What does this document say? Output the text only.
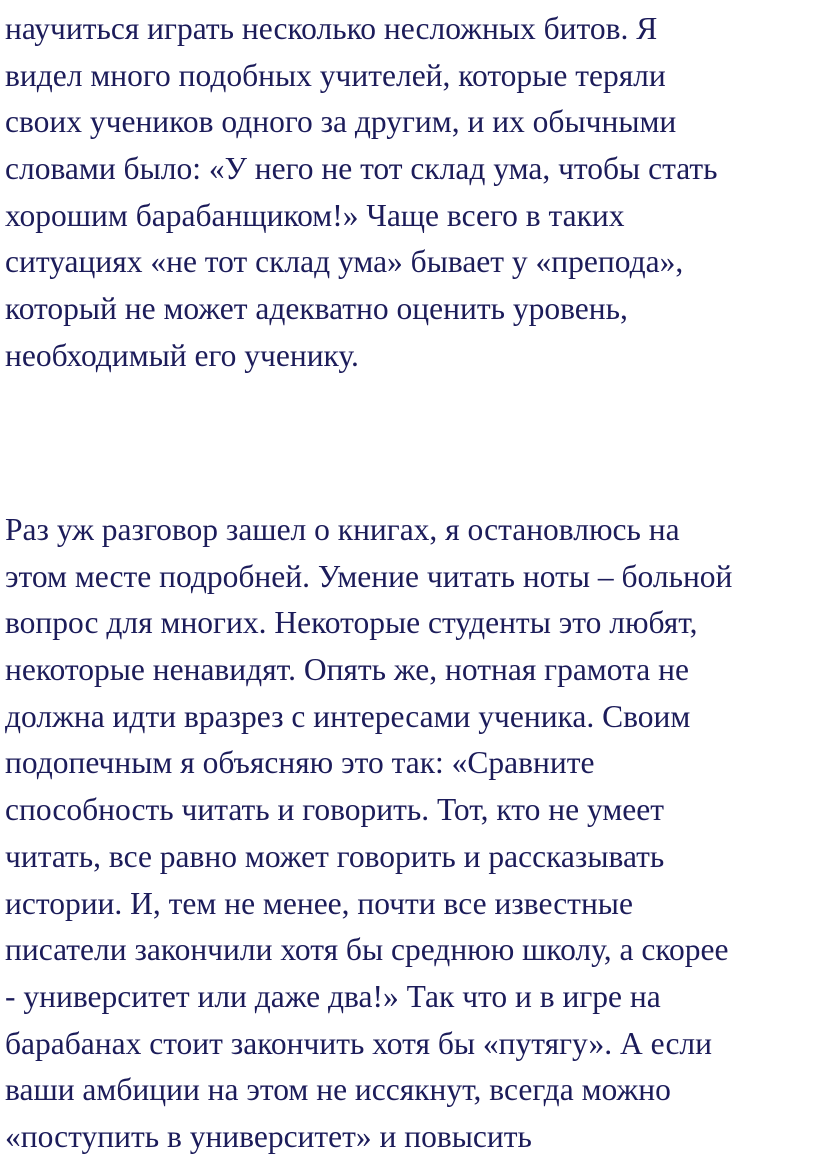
научиться играть несколько несложных битов. Я
видел много подобных учителей, которые теряли
своих учеников одного за другим, и их обычными
словами было: «У него не тот склад ума, чтобы стать
хорошим барабанщиком!» Чаще всего в таких
ситуациях «не тот склад ума» бывает у «препода»,
который не может адекватно оценить уровень,
необходимый его ученику.

Раз уж разговор зашел о книгах, я остановлюсь на
этом месте подробней. Умение читать ноты – больной
вопрос для многих. Некоторые студенты это любят,
некоторые ненавидят. Опять же, нотная грамота не
должна идти вразрез с интересами ученика. Своим
подопечным я объясняю это так: «Сравните
способность читать и говорить. Тот, кто не умеет
читать, все равно может говорить и рассказывать
истории. И, тем не менее, почти все известные
писатели закончили хотя бы среднюю школу, а скорее
- университет или даже два!» Так что и в игре на
барабанах стоит закончить хотя бы «путягу». А если
ваши амбиции на этом не иссякнут, всегда можно
«поступить в университет» и повысить
